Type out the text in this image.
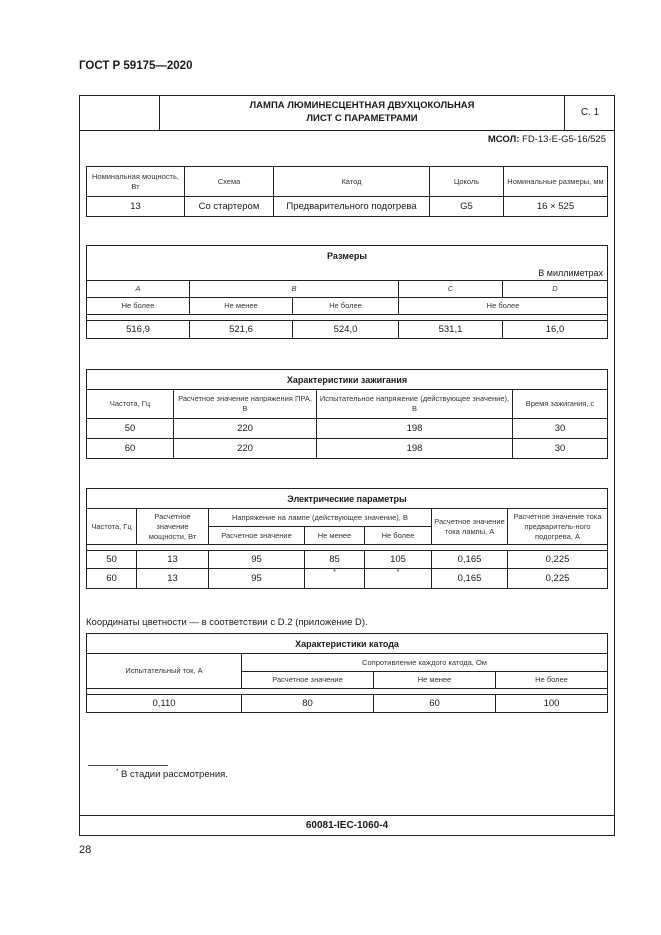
ГОСТ Р 59175—2020
ЛАМПА ЛЮМИНЕСЦЕНТНАЯ ДВУХЦОКОЛЬНАЯ
ЛИСТ С ПАРАМЕТРАМИ
С. 1
МСОЛ: FD-13-E-G5-16/525
Номинальная мощность, Вт	Схема	Катод	Цоколь	Номинальные размеры, мм
13	Со стартером	Предварительного подогрева	G5	16 × 525
Размеры				
В миллиметрах				
A	B		C	D
Не более	Не менее	Не более	Не более	

516,9	521,6	524,0	531,1	16,0
Характеристики зажигания			
Частота, Гц	Расчетное значение напряжения ПРА, В	Испытательное напряжение (действующее значение), В	Время зажигания, с
50	220	198	30
60	220	198	30
Электрические параметры						
Частота, Гц	Расчетное значение мощности, Вт	Напряжение на лампе (действующее значение), В			Расчетное значение тока лампы, А	Расчетное значение тока предваритель-ного подогрева, А
		Расчетное значение	Не менее	Не более		

50	13	95	85	105	0,165	0,225
60	13	95	*	*	0,165	0,225
Координаты цветности — в соответствии с D.2 (приложение D).
Характеристики катода			
Испытательный ток, А	Сопротивление каждого катода, Ом		
	Расчетное значение	Не менее	Не более

0,110	80	60	100
* В стадии рассмотрения.
60081-IEC-1060-4
28
